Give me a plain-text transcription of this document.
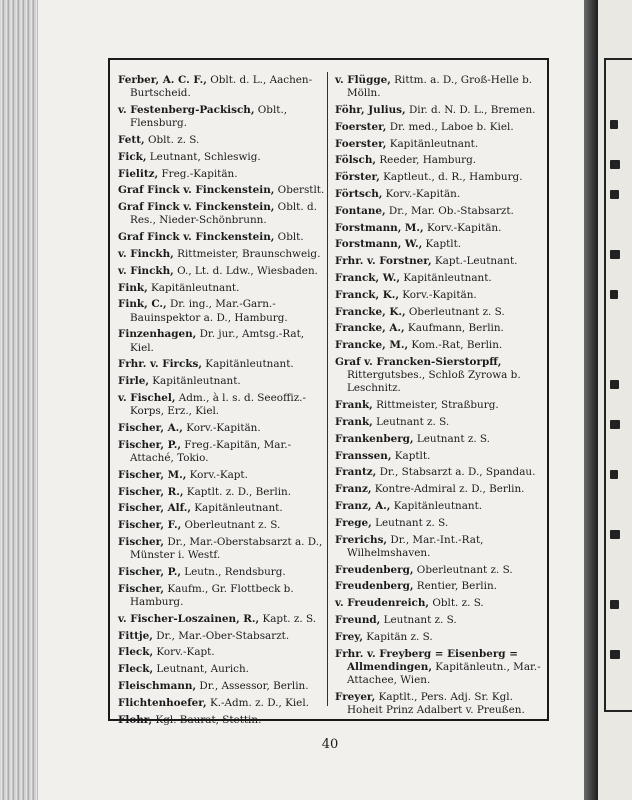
Ferber, A. C. F., Oblt. d. L., Aachen-Burtscheid.

v. Festenberg-Packisch, Oblt., Flensburg.

Fett, Oblt. z. S.

Fick, Leutnant, Schleswig.

Fielitz, Freg.-Kapitän.

Graf Finck v. Finckenstein, Oberstlt.

Graf Finck v. Finckenstein, Oblt. d. Res., Nieder-Schönbrunn.

Graf Finck v. Finckenstein, Oblt.

v. Finckh, Rittmeister, Braunschweig.

v. Finckh, O., Lt. d. Ldw., Wiesbaden.

Fink, Kapitänleutnant.

Fink, C., Dr. ing., Mar.-Garn.-Bauinspektor a. D., Hamburg.

Finzenhagen, Dr. jur., Amtsg.-Rat, Kiel.

Frhr. v. Fircks, Kapitänleutnant.

Firle, Kapitänleutnant.

v. Fischel, Adm., à l. s. d. Seeoffiz.-Korps, Erz., Kiel.

Fischer, A., Korv.-Kapitän.

Fischer, P., Freg.-Kapitän, Mar.-Attaché, Tokio.

Fischer, M., Korv.-Kapt.

Fischer, R., Kaptlt. z. D., Berlin.

Fischer, Alf., Kapitänleutnant.

Fischer, F., Oberleutnant z. S.

Fischer, Dr., Mar.-Oberstabsarzt a. D., Münster i. Westf.

Fischer, P., Leutn., Rendsburg.

Fischer, Kaufm., Gr. Flottbeck b. Hamburg.

v. Fischer-Loszainen, R., Kapt. z. S.

Fittje, Dr., Mar.-Ober-Stabsarzt.

Fleck, Korv.-Kapt.

Fleck, Leutnant, Aurich.

Fleischmann, Dr., Assessor, Berlin.

Flichtenhoefer, K.-Adm. z. D., Kiel.

Flohr, Kgl. Baurat, Stettin.

v. Flügge, Rittm. a. D., Groß-Helle b. Mölln.

Föhr, Julius, Dir. d. N. D. L., Bremen.

Foerster, Dr. med., Laboe b. Kiel.

Foerster, Kapitänleutnant.

Fölsch, Reeder, Hamburg.

Förster, Kaptleut., d. R., Hamburg.

Förtsch, Korv.-Kapitän.

Fontane, Dr., Mar. Ob.-Stabsarzt.

Forstmann, M., Korv.-Kapitän.

Forstmann, W., Kaptlt.

Frhr. v. Forstner, Kapt.-Leutnant.

Franck, W., Kapitänleutnant.

Franck, K., Korv.-Kapitän.

Francke, K., Oberleutnant z. S.

Francke, A., Kaufmann, Berlin.

Francke, M., Kom.-Rat, Berlin.

Graf v. Francken-Sierstorpff, Rittergutsbes., Schloß Zyrowa b. Leschnitz.

Frank, Rittmeister, Straßburg.

Frank, Leutnant z. S.

Frankenberg, Leutnant z. S.

Franssen, Kaptlt.

Frantz, Dr., Stabsarzt a. D., Spandau.

Franz, Kontre-Admiral z. D., Berlin.

Franz, A., Kapitänleutnant.

Frege, Leutnant z. S.

Frerichs, Dr., Mar.-Int.-Rat, Wilhelmshaven.

Freudenberg, Oberleutnant z. S.

Freudenberg, Rentier, Berlin.

v. Freudenreich, Oblt. z. S.

Freund, Leutnant z. S.

Frey, Kapitän z. S.

Frhr. v. Freyberg = Eisenberg = Allmendingen, Kapitänleutn., Mar.-Attachee, Wien.

Freyer, Kaptlt., Pers. Adj. Sr. Kgl. Hoheit Prinz Adalbert v. Preußen.

40
